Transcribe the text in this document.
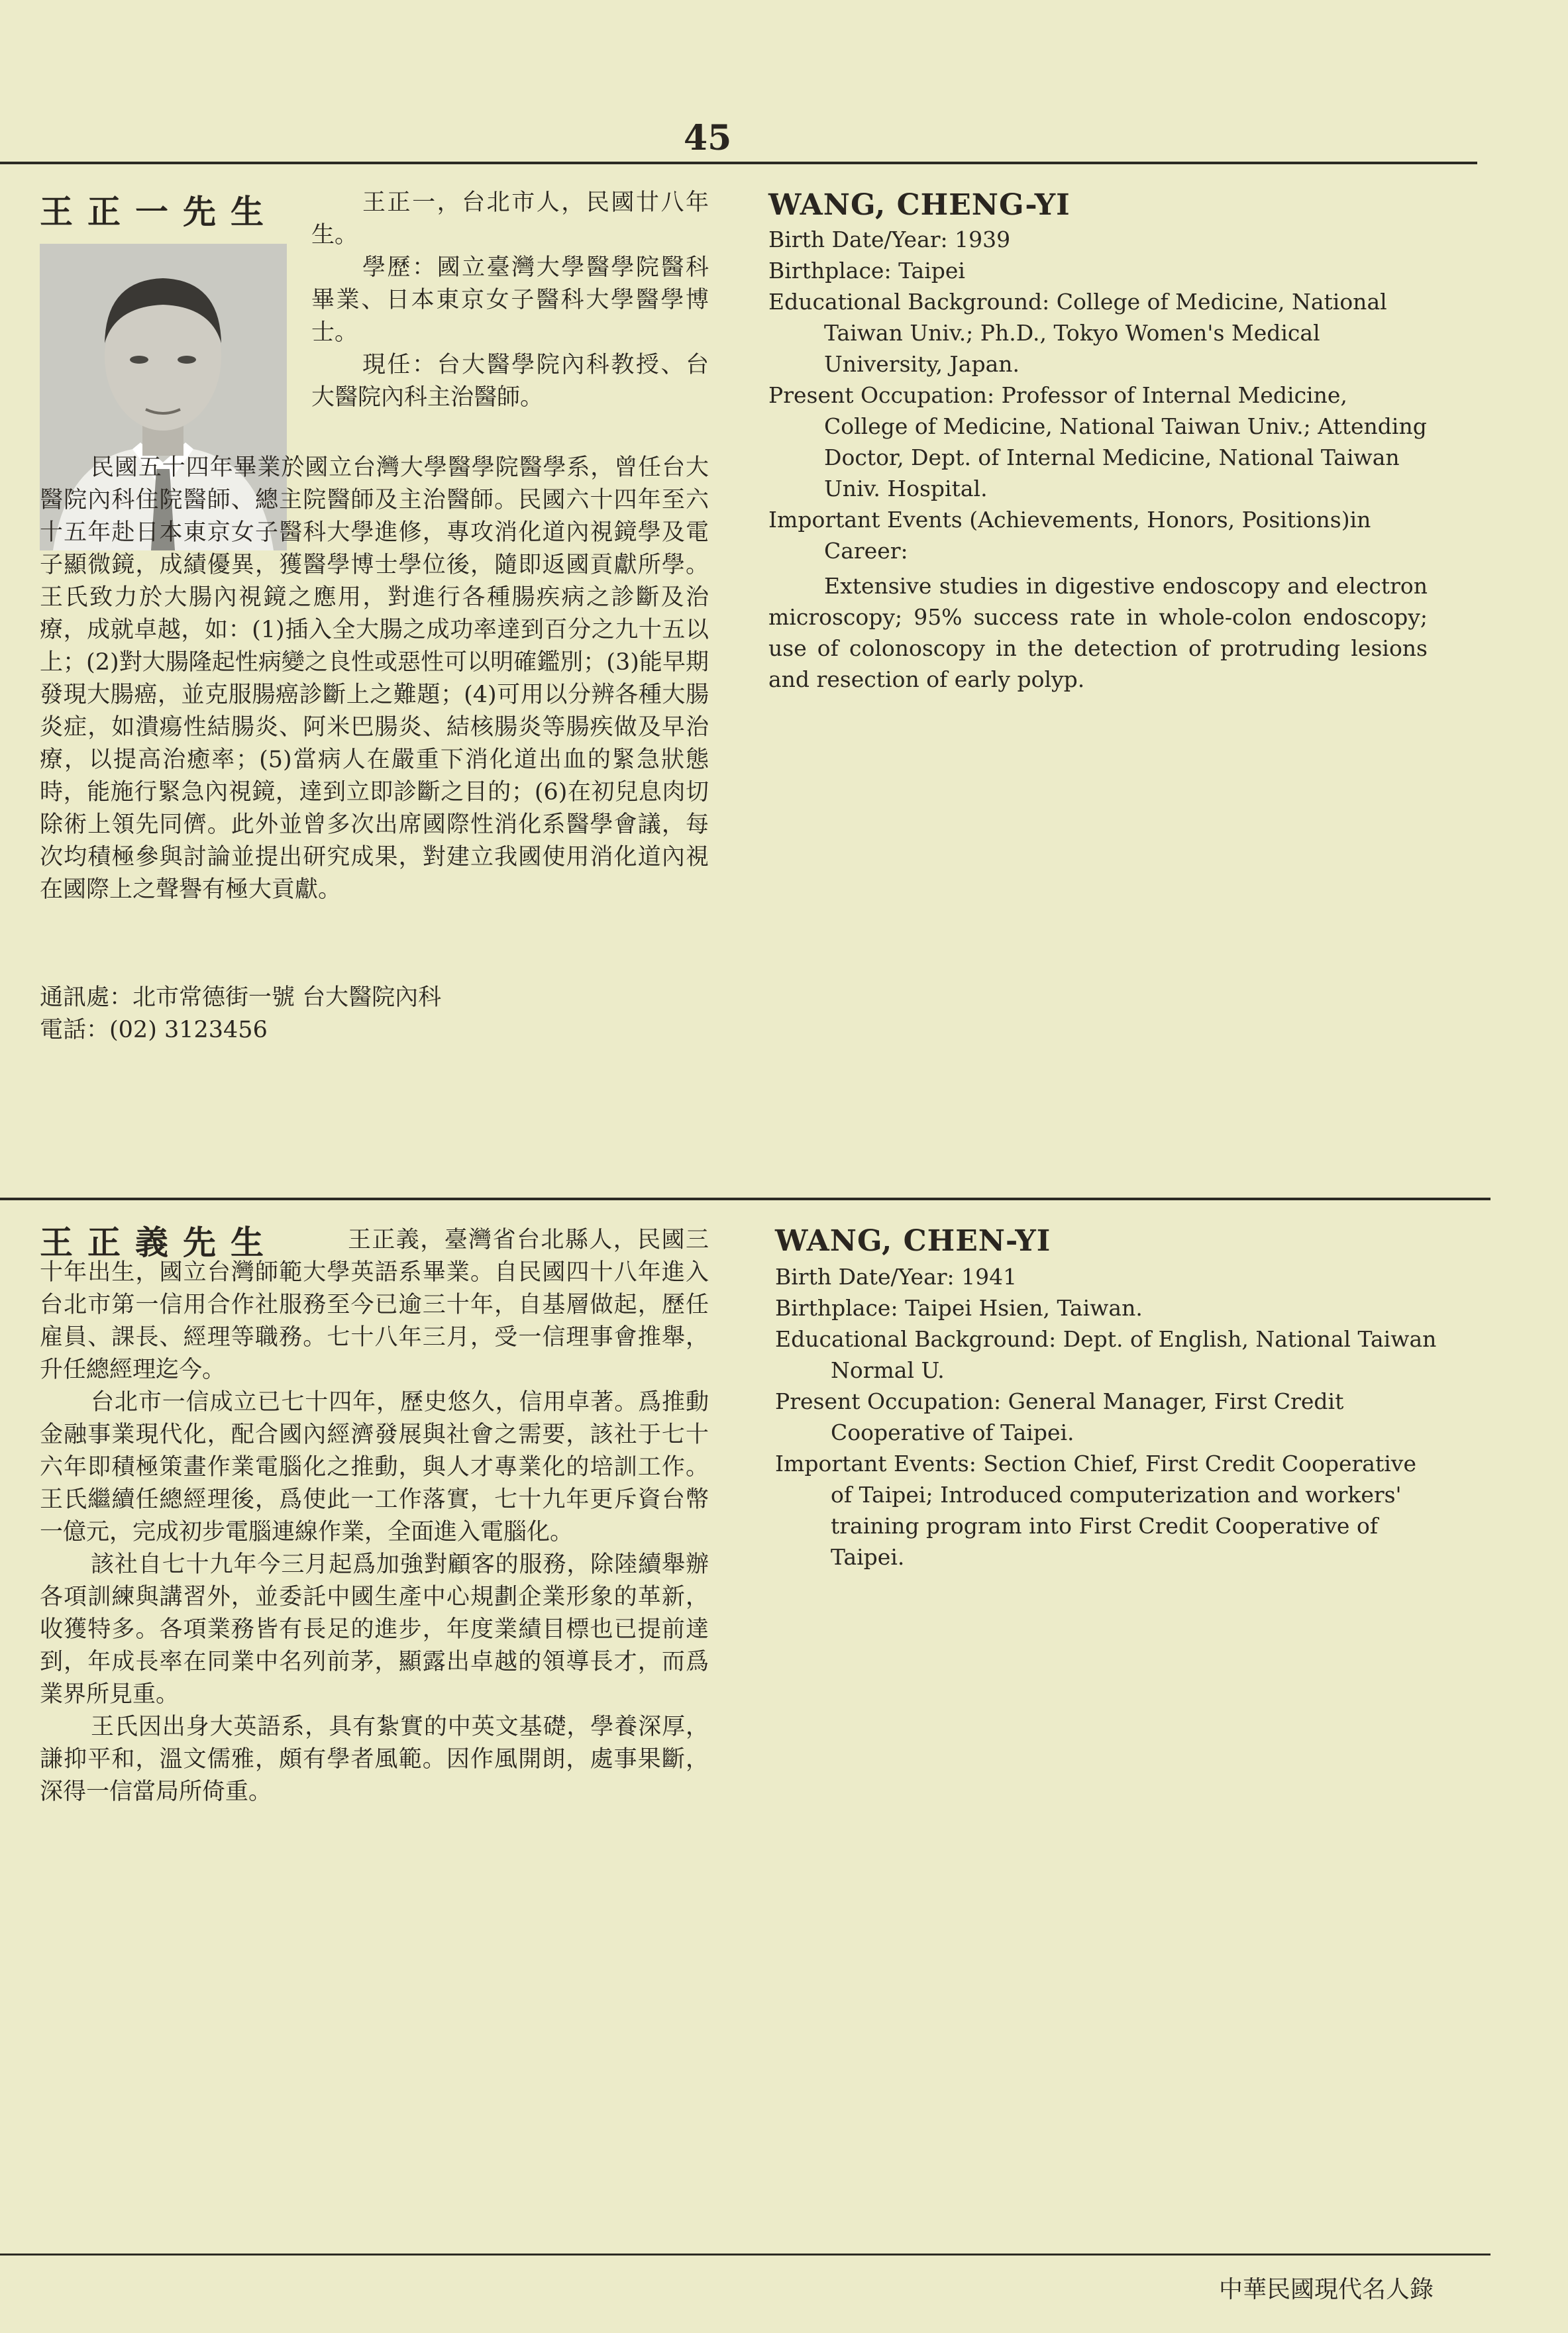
45
王正一先生	王正一，台北市人，民國廿八年生。

學歷：國立臺灣大學醫學院醫科畢業、日本東京女子醫科大學醫學博士。

現任：台大醫學院內科教授、台大醫院內科主治醫師。

民國五十四年畢業於國立台灣大學醫學院醫學系，曾任台大醫院內科住院醫師、總主院醫師及主治醫師。民國六十四年至六十五年赴日本東京女子醫科大學進修，專攻消化道內視鏡學及電子顯微鏡，成績優異，獲醫學博士學位後，隨即返國貢獻所學。王氏致力於大腸內視鏡之應用，對進行各種腸疾病之診斷及治療，成就卓越，如：(1)插入全大腸之成功率達到百分之九十五以上；(2)對大腸隆起性病變之良性或惡性可以明確鑑別；(3)能早期發現大腸癌，並克服腸癌診斷上之難題；(4)可用以分辨各種大腸炎症，如潰瘍性結腸炎、阿米巴腸炎、結核腸炎等腸疾做及早治療，以提高治癒率；(5)當病人在嚴重下消化道出血的緊急狀態時，能施行緊急內視鏡，達到立即診斷之目的；(6)在初兒息肉切除術上領先同儕。此外並曾多次出席國際性消化系醫學會議，每次均積極參與討論並提出研究成果，對建立我國使用消化道內視在國際上之聲譽有極大貢獻。

通訊處：北市常德街一號 台大醫院內科

電話：(02) 3123456

WANG, CHENG-YI

Birth Date/Year: 1939

Birthplace: Taipei

Educational Background: College of Medicine, National Taiwan Univ.; Ph.D., Tokyo Women's Medical University, Japan.

Present Occupation: Professor of Internal Medicine, College of Medicine, National Taiwan Univ.; Attending Doctor, Dept. of Internal Medicine, National Taiwan Univ. Hospital.

Important Events (Achievements, Honors, Positions)in Career:

Extensive studies in digestive endoscopy and electron microscopy; 95% success rate in whole-colon endoscopy; use of colonoscopy in the detection of protruding lesions and resection of early polyp.

王正義先生	王正義，臺灣省台北縣人，民國三十年出生，國立台灣師範大學英語系畢業。自民國四十八年進入台北市第一信用合作社服務至今已逾三十年，自基層做起，歷任雇員、課長、經理等職務。七十八年三月，受一信理事會推舉，升任總經理迄今。

台北市一信成立已七十四年，歷史悠久，信用卓著。爲推動金融事業現代化，配合國內經濟發展與社會之需要，該社于七十六年即積極策畫作業電腦化之推動，與人才專業化的培訓工作。王氏繼續任總經理後，爲使此一工作落實，七十九年更斥資台幣一億元，完成初步電腦連線作業，全面進入電腦化。

該社自七十九年今三月起爲加強對顧客的服務，除陸續舉辦各項訓練與講習外，並委託中國生產中心規劃企業形象的革新，收獲特多。各項業務皆有長足的進步，年度業績目標也已提前達到，年成長率在同業中名列前茅，顯露出卓越的領導長才，而爲業界所見重。

王氏因出身大英語系，具有紮實的中英文基礎，學養深厚，謙抑平和，溫文儒雅，頗有學者風範。因作風開朗，處事果斷，深得一信當局所倚重。

WANG, CHEN-YI

Birth Date/Year: 1941

Birthplace: Taipei Hsien, Taiwan.

Educational Background: Dept. of English, National Taiwan Normal U.

Present Occupation: General Manager, First Credit Cooperative of Taipei.

Important Events: Section Chief, First Credit Cooperative of Taipei; Introduced computerization and workers' training program into First Credit Cooperative of Taipei.

中華民國現代名人錄
